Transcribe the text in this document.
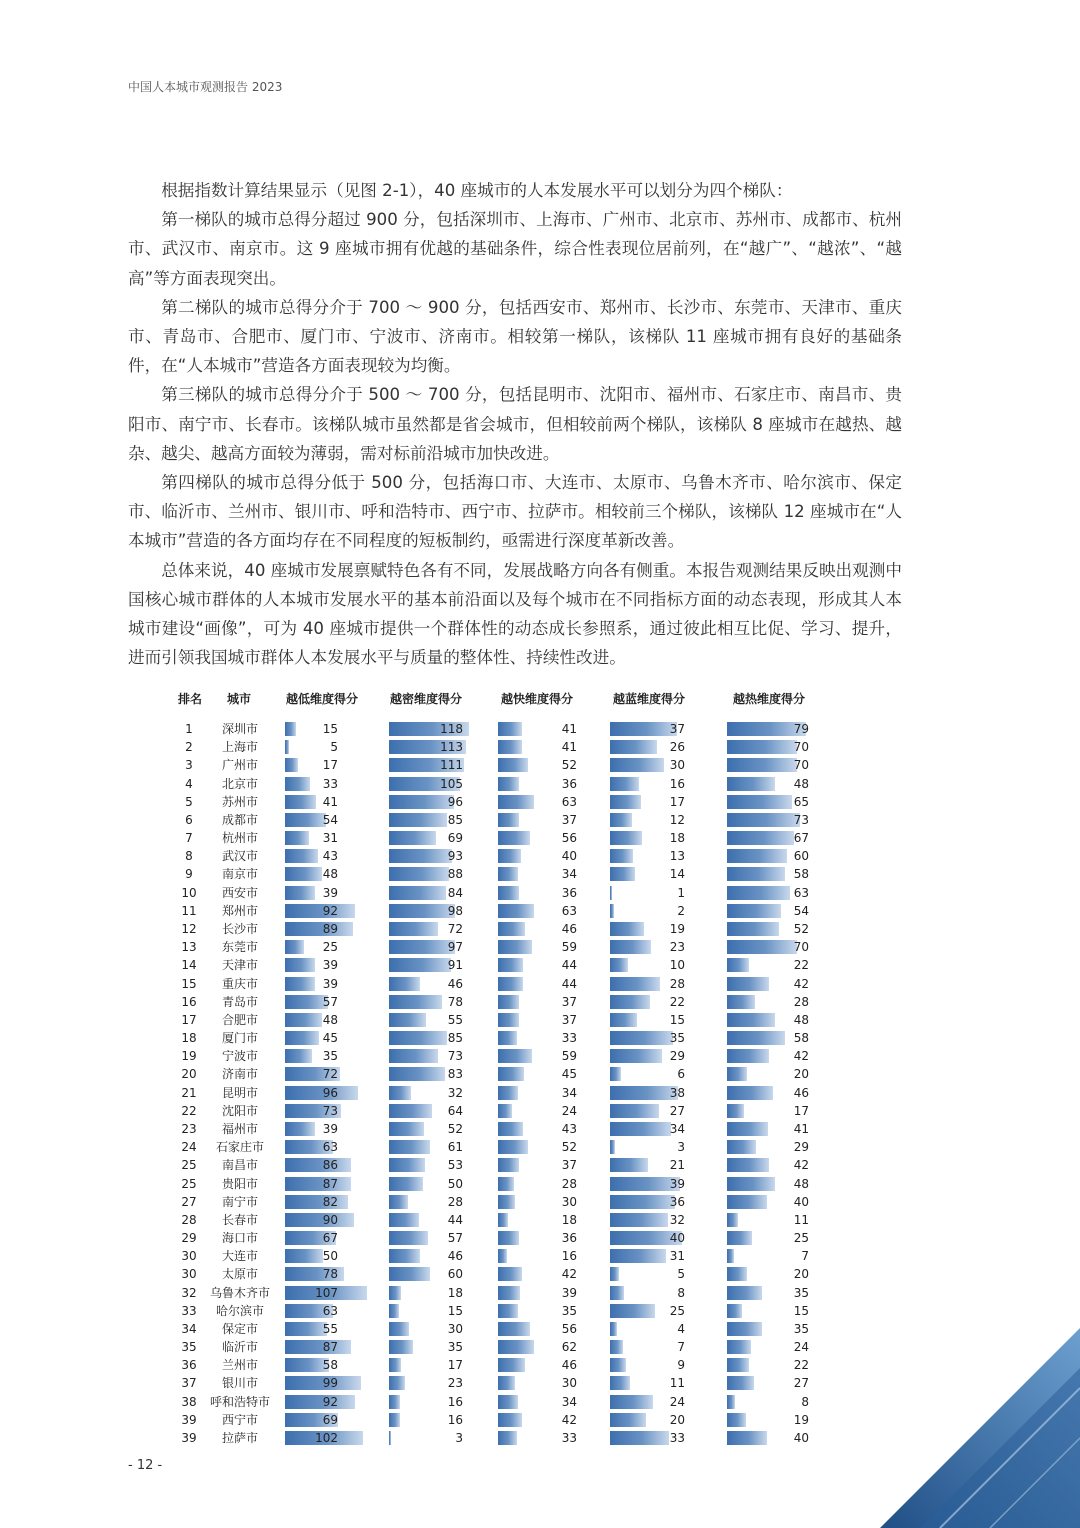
中国人本城市观测报告 2023

根据指数计算结果显示（见图 2-1），40 座城市的人本发展水平可以划分为四个梯队：

第一梯队的城市总得分超过 900 分，包括深圳市、上海市、广州市、北京市、苏州市、成都市、杭州市、武汉市、南京市。这 9 座城市拥有优越的基础条件，综合性表现位居前列，在“越广”、“越浓”、“越高”等方面表现突出。

第二梯队的城市总得分介于 700 ～ 900 分，包括西安市、郑州市、长沙市、东莞市、天津市、重庆市、青岛市、合肥市、厦门市、宁波市、济南市。相较第一梯队，该梯队 11 座城市拥有良好的基础条件，在“人本城市”营造各方面表现较为均衡。

第三梯队的城市总得分介于 500 ～ 700 分，包括昆明市、沈阳市、福州市、石家庄市、南昌市、贵阳市、南宁市、长春市。该梯队城市虽然都是省会城市，但相较前两个梯队，该梯队 8 座城市在越热、越杂、越尖、越高方面较为薄弱，需对标前沿城市加快改进。

第四梯队的城市总得分低于 500 分，包括海口市、大连市、太原市、乌鲁木齐市、哈尔滨市、保定市、临沂市、兰州市、银川市、呼和浩特市、西宁市、拉萨市。相较前三个梯队，该梯队 12 座城市在“人本城市”营造的各方面均存在不同程度的短板制约，亟需进行深度革新改善。

总体来说，40 座城市发展禀赋特色各有不同，发展战略方向各有侧重。本报告观测结果反映出观测中国核心城市群体的人本城市发展水平的基本前沿面以及每个城市在不同指标方面的动态表现，形成其人本城市建设“画像”，可为 40 座城市提供一个群体性的动态成长参照系，通过彼此相互比促、学习、提升，进而引领我国城市群体人本发展水平与质量的整体性、持续性改进。

排名 城市	越低维度得分	越密维度得分	越快维度得分	越蓝维度得分	越热维度得分
1	深圳市	15	118	41	37	79
2	上海市	5	113	41	26	70
3	广州市	17	111	52	30	70
4	北京市	33	105	36	16	48
5	苏州市	41	96	63	17	65
6	成都市	54	85	37	12	73
7	杭州市	31	69	56	18	67
8	武汉市	43	93	40	13	60
9	南京市	48	88	34	14	58
10	西安市	39	84	36	1	63
11	郑州市	92	98	63	2	54
12	长沙市	89	72	46	19	52
13	东莞市	25	97	59	23	70
14	天津市	39	91	44	10	22
15	重庆市	39	46	44	28	42
16	青岛市	57	78	37	22	28
17	合肥市	48	55	37	15	48
18	厦门市	45	85	33	35	58
19	宁波市	35	73	59	29	42
20	济南市	72	83	45	6	20
21	昆明市	96	32	34	38	46
22	沈阳市	73	64	24	27	17
23	福州市	39	52	43	34	41
24	石家庄市	63	61	52	3	29
25	南昌市	86	53	37	21	42
25	贵阳市	87	50	28	39	48
27	南宁市	82	28	30	36	40
28	长春市	90	44	18	32	11
29	海口市	67	57	36	40	25
30	大连市	50	46	16	31	7
30	太原市	78	60	42	5	20
32	乌鲁木齐市	107	18	39	8	35
33	哈尔滨市	63	15	35	25	15
34	保定市	55	30	56	4	35
35	临沂市	87	35	62	7	24
36	兰州市	58	17	46	9	22
37	银川市	99	23	30	11	27
38	呼和浩特市	92	16	34	24	8
39	西宁市	69	16	42	20	19
39	拉萨市	102	3	33	33	40
- 12 -
